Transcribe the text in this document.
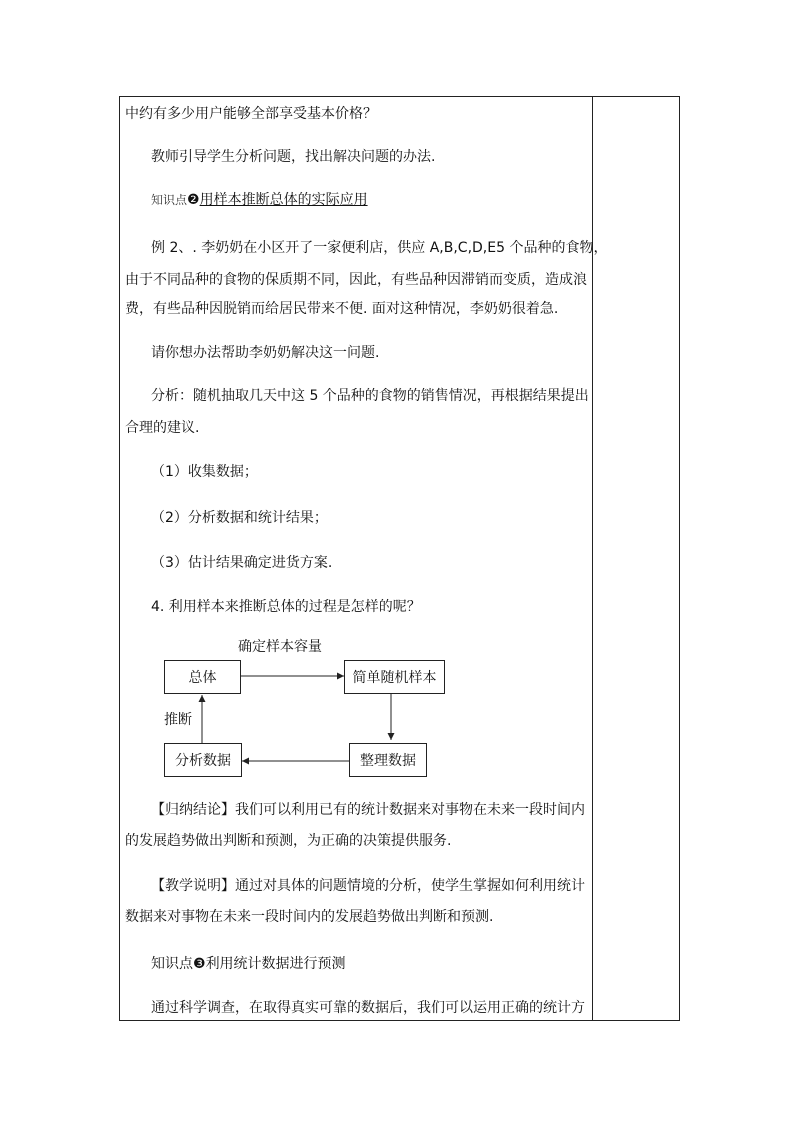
中约有多少用户能够全部享受基本价格？
教师引导学生分析问题，找出解决问题的办法.
知识点❷用样本推断总体的实际应用
例 2、. 李奶奶在小区开了一家便利店，供应 A,B,C,D,E5 个品种的食物，
由于不同品种的食物的保质期不同，因此，有些品种因滞销而变质，造成浪
费，有些品种因脱销而给居民带来不便. 面对这种情况，李奶奶很着急.
请你想办法帮助李奶奶解决这一问题.
分析：随机抽取几天中这 5 个品种的食物的销售情况，再根据结果提出
合理的建议.
（1）收集数据；
（2）分析数据和统计结果；
（3）估计结果确定进货方案.
4. 利用样本来推断总体的过程是怎样的呢？
确定样本容量
推断
总体	简单随机样本
整理数据
分析数据
【归纳结论】我们可以利用已有的统计数据来对事物在未来一段时间内
的发展趋势做出判断和预测，为正确的决策提供服务.
【教学说明】通过对具体的问题情境的分析，使学生掌握如何利用统计
数据来对事物在未来一段时间内的发展趋势做出判断和预测.
知识点❸利用统计数据进行预测
通过科学调查，在取得真实可靠的数据后，我们可以运用正确的统计方
